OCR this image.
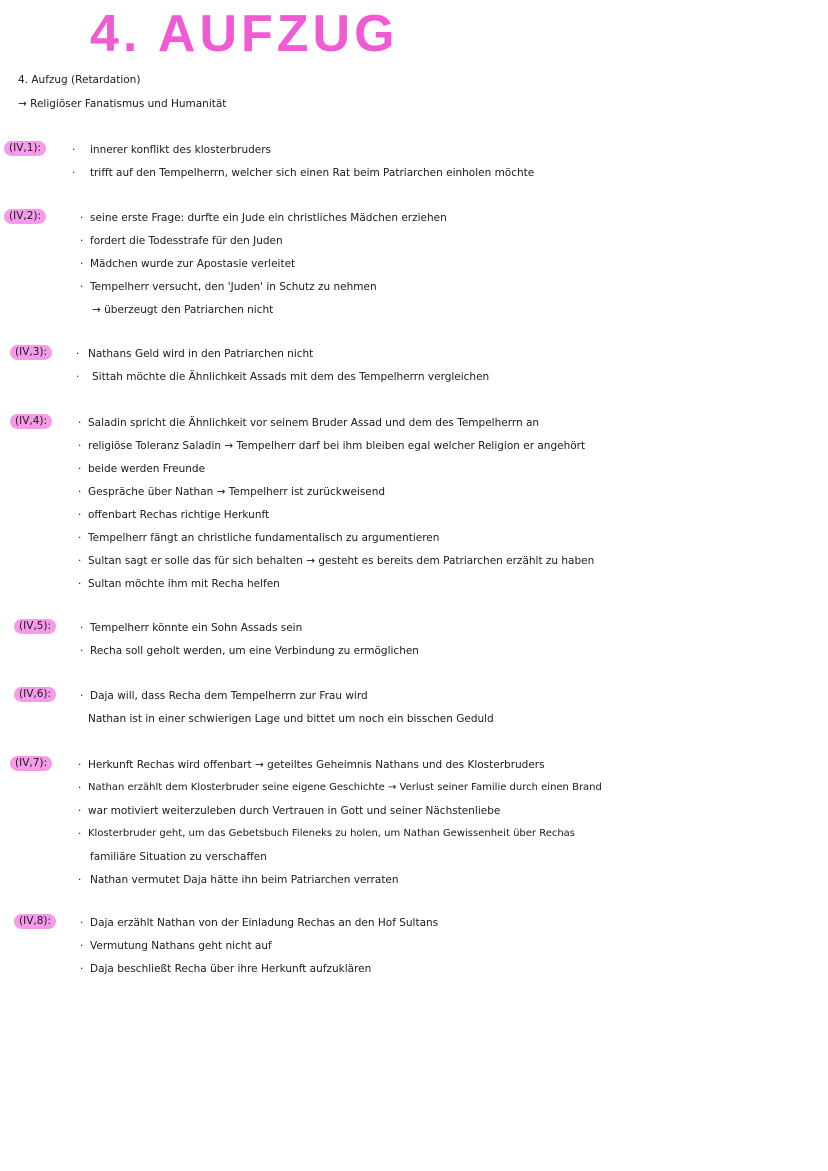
4. AUFZUG
4. Aufzug (Retardation)
→ Religiöser Fanatismus und Humanität
(IV,1):	· innerer konflikt des klosterbruders
· trifft auf den Tempelherrn, welcher sich einen Rat beim Patriarchen einholen möchte
(IV,2):	· seine erste Frage: durfte ein Jude ein christliches Mädchen erziehen
· fordert die Todesstrafe für den Juden
· Mädchen wurde zur Apostasie verleitet
· Tempelherr versucht, den 'Juden' in Schutz zu nehmen
→ überzeugt den Patriarchen nicht
(IV,3):	· Nathans Geld wird in den Patriarchen nicht
· Sittah möchte die Ähnlichkeit Assads mit dem des Tempelherrn vergleichen
(IV,4):	· Saladin spricht die Ähnlichkeit vor seinem Bruder Assad und dem des Tempelherrn an
· religiöse Toleranz Saladin → Tempelherr darf bei ihm bleiben egal welcher Religion er angehört
· beide werden Freunde
· Gespräche über Nathan → Tempelherr ist zurückweisend
· offenbart Rechas richtige Herkunft
· Tempelherr fängt an christliche fundamentalisch zu argumentieren
· Sultan sagt er solle das für sich behalten → gesteht es bereits dem Patriarchen erzählt zu haben
· Sultan möchte ihm mit Recha helfen
(IV,5):	· Tempelherr könnte ein Sohn Assads sein
· Recha soll geholt werden, um eine Verbindung zu ermöglichen
(IV,6):	· Daja will, dass Recha dem Tempelherrn zur Frau wird
Nathan ist in einer schwierigen Lage und bittet um noch ein bisschen Geduld
(IV,7):	· Herkunft Rechas wird offenbart → geteiltes Geheimnis Nathans und des Klosterbruders
· Nathan erzählt dem Klosterbruder seine eigene Geschichte → Verlust seiner Familie durch einen Brand
· war motiviert weiterzuleben durch Vertrauen in Gott und seiner Nächstenliebe
· Klosterbruder geht, um das Gebetsbuch Fileneks zu holen, um Nathan Gewissenheit über Rechas
familiäre Situation zu verschaffen
· Nathan vermutet Daja hätte ihn beim Patriarchen verraten
(IV,8):	· Daja erzählt Nathan von der Einladung Rechas an den Hof Sultans
· Vermutung Nathans geht nicht auf
· Daja beschließt Recha über ihre Herkunft aufzuklären
